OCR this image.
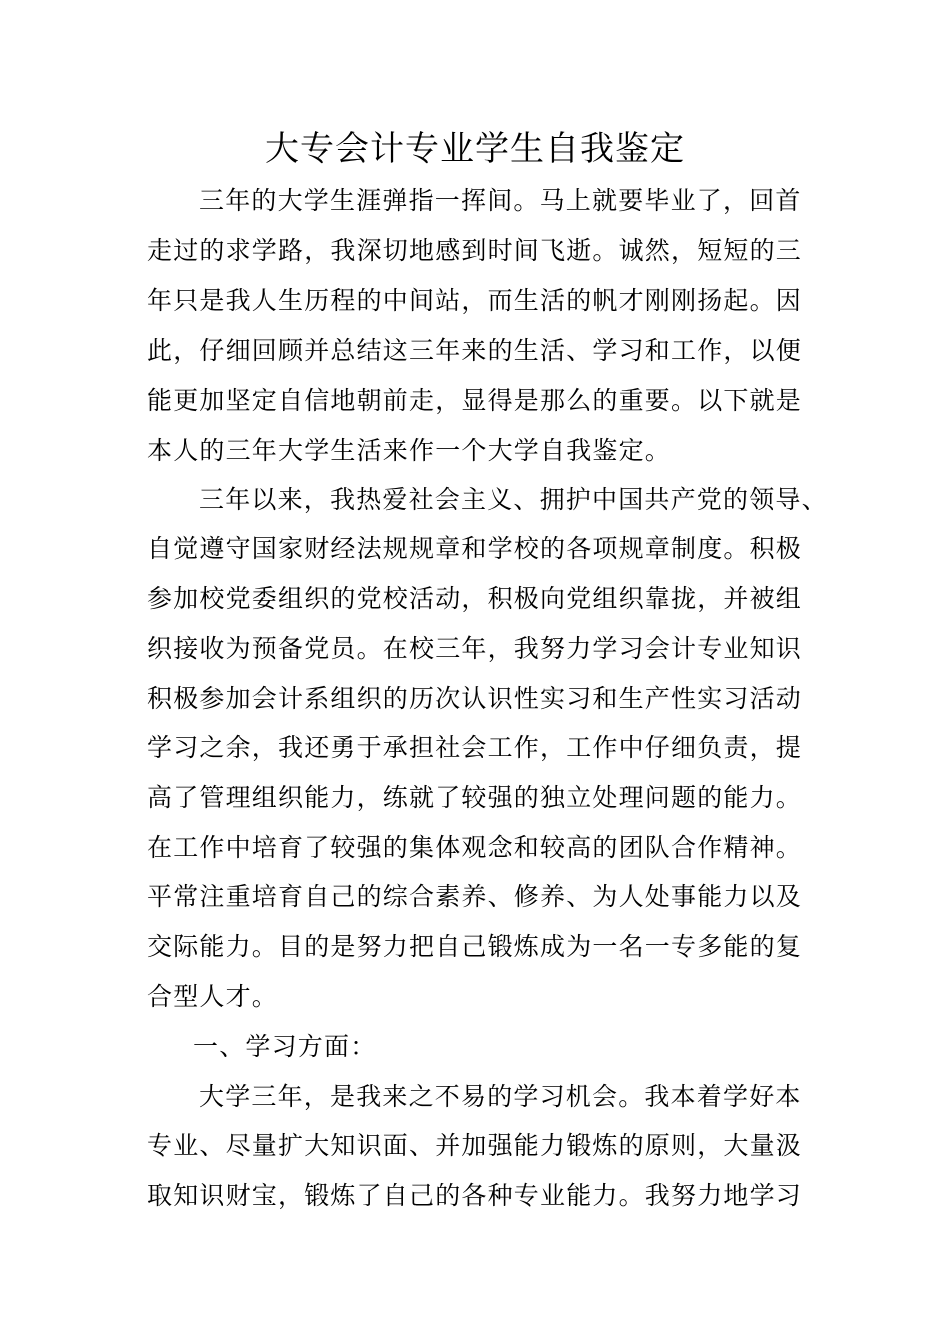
大专会计专业学生自我鉴定
三年的大学生涯弹指一挥间。马上就要毕业了，回首
走过的求学路，我深切地感到时间飞逝。诚然，短短的三
年只是我人生历程的中间站，而生活的帆才刚刚扬起。因
此，仔细回顾并总结这三年来的生活、学习和工作，以便
能更加坚定自信地朝前走，显得是那么的重要。以下就是
本人的三年大学生活来作一个大学自我鉴定。
三年以来，我热爱社会主义、拥护中国共产党的领导、
自觉遵守国家财经法规规章和学校的各项规章制度。积极
参加校党委组织的党校活动，积极向党组织靠拢，并被组
织接收为预备党员。在校三年，我努力学习会计专业知识
积极参加会计系组织的历次认识性实习和生产性实习活动
学习之余，我还勇于承担社会工作，工作中仔细负责，提
高了管理组织能力，练就了较强的独立处理问题的能力。
在工作中培育了较强的集体观念和较高的团队合作精神。
平常注重培育自己的综合素养、修养、为人处事能力以及
交际能力。目的是努力把自己锻炼成为一名一专多能的复
合型人才。
一、学习方面：
大学三年，是我来之不易的学习机会。我本着学好本
专业、尽量扩大知识面、并加强能力锻炼的原则，大量汲
取知识财宝，锻炼了自己的各种专业能力。我努力地学习
